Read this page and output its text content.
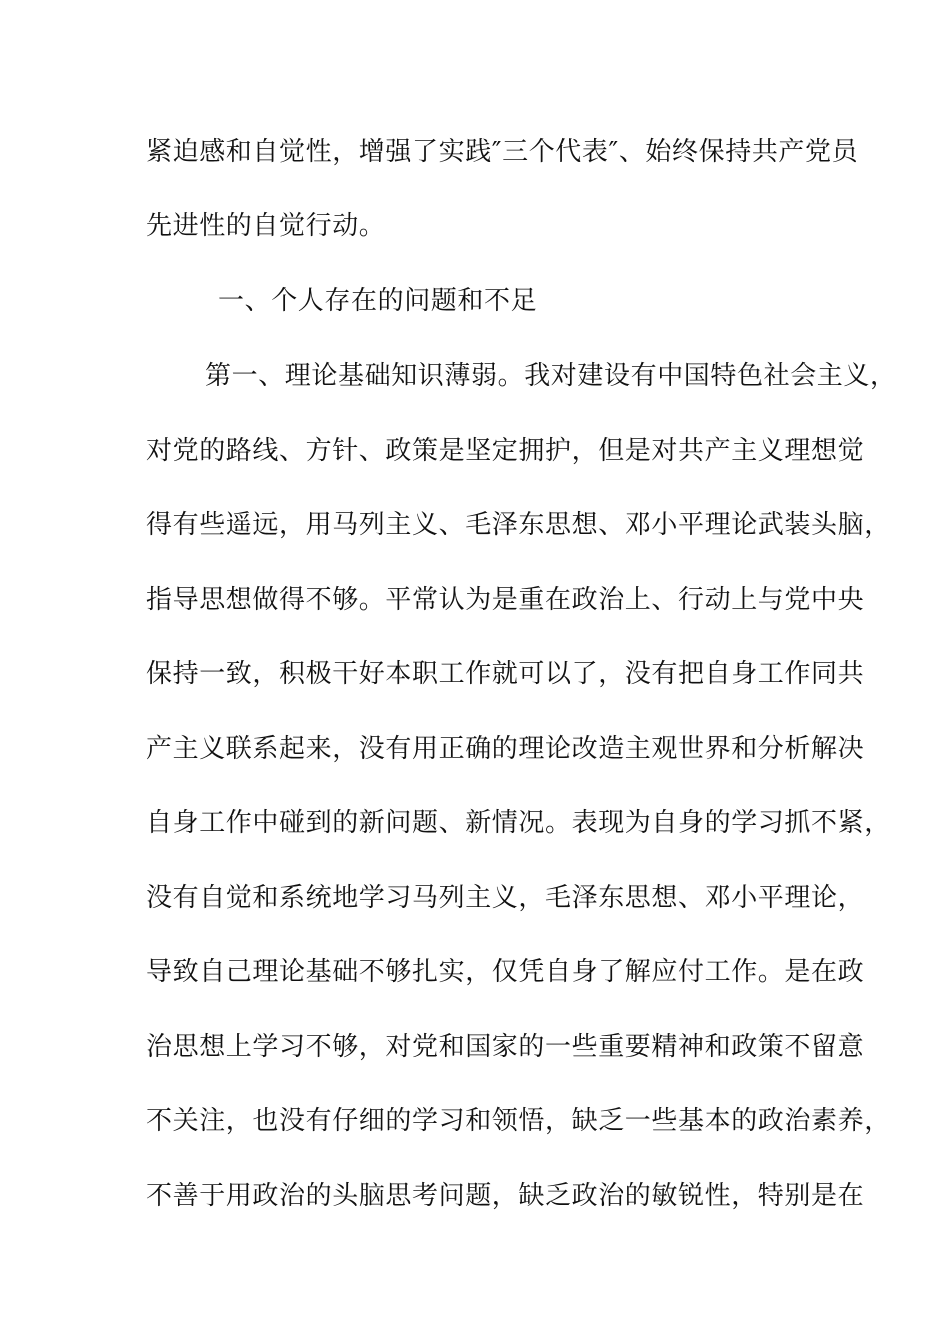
紧迫感和自觉性，增强了实践″三个代表″、始终保持共产党员
先进性的自觉行动。
一、个人存在的问题和不足
第一、理论基础知识薄弱。我对建设有中国特色社会主义，
对党的路线、方针、政策是坚定拥护，但是对共产主义理想觉
得有些遥远，用马列主义、毛泽东思想、邓小平理论武装头脑，
指导思想做得不够。平常认为是重在政治上、行动上与党中央
保持一致，积极干好本职工作就可以了，没有把自身工作同共
产主义联系起来，没有用正确的理论改造主观世界和分析解决
自身工作中碰到的新问题、新情况。表现为自身的学习抓不紧，
没有自觉和系统地学习马列主义，毛泽东思想、邓小平理论，
导致自己理论基础不够扎实，仅凭自身了解应付工作。是在政
治思想上学习不够，对党和国家的一些重要精神和政策不留意
不关注，也没有仔细的学习和领悟，缺乏一些基本的政治素养，
不善于用政治的头脑思考问题，缺乏政治的敏锐性，特别是在
